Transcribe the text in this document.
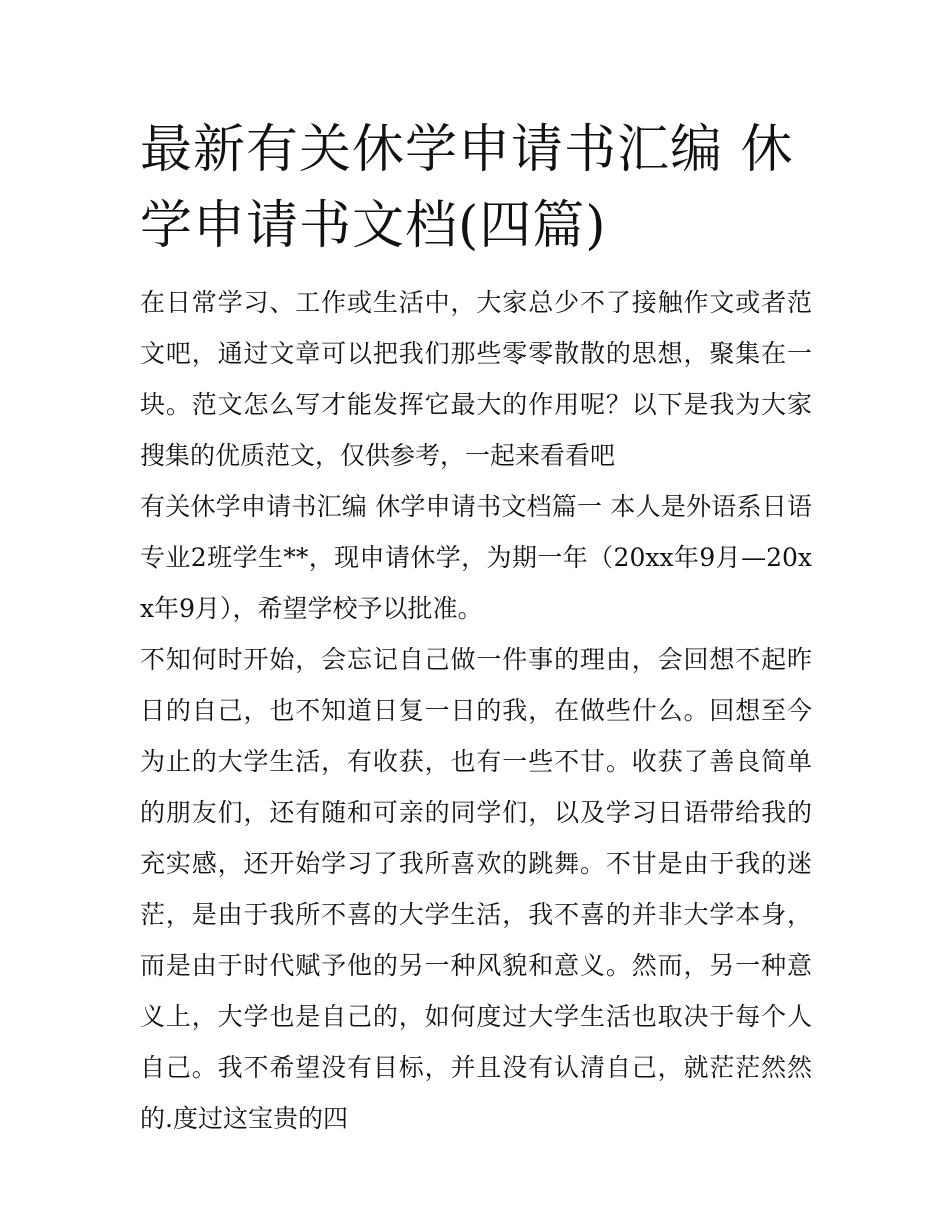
最新有关休学申请书汇编 休学申请书文档(四篇)

在日常学习、工作或生活中，大家总少不了接触作文或者范文吧，通过文章可以把我们那些零零散散的思想，聚集在一块。范文怎么写才能发挥它最大的作用呢？以下是我为大家搜集的优质范文，仅供参考，一起来看看吧

有关休学申请书汇编 休学申请书文档篇一 本人是外语系日语专业2班学生**，现申请休学，为期一年（20xx年9月—20xx年9月），希望学校予以批准。

不知何时开始，会忘记自己做一件事的理由，会回想不起昨日的自己，也不知道日复一日的我，在做些什么。回想至今为止的大学生活，有收获，也有一些不甘。收获了善良简单的朋友们，还有随和可亲的同学们，以及学习日语带给我的充实感，还开始学习了我所喜欢的跳舞。不甘是由于我的迷茫，是由于我所不喜的大学生活，我不喜的并非大学本身，而是由于时代赋予他的另一种风貌和意义。然而，另一种意义上，大学也是自己的，如何度过大学生活也取决于每个人自己。我不希望没有目标，并且没有认清自己，就茫茫然然的.度过这宝贵的四
